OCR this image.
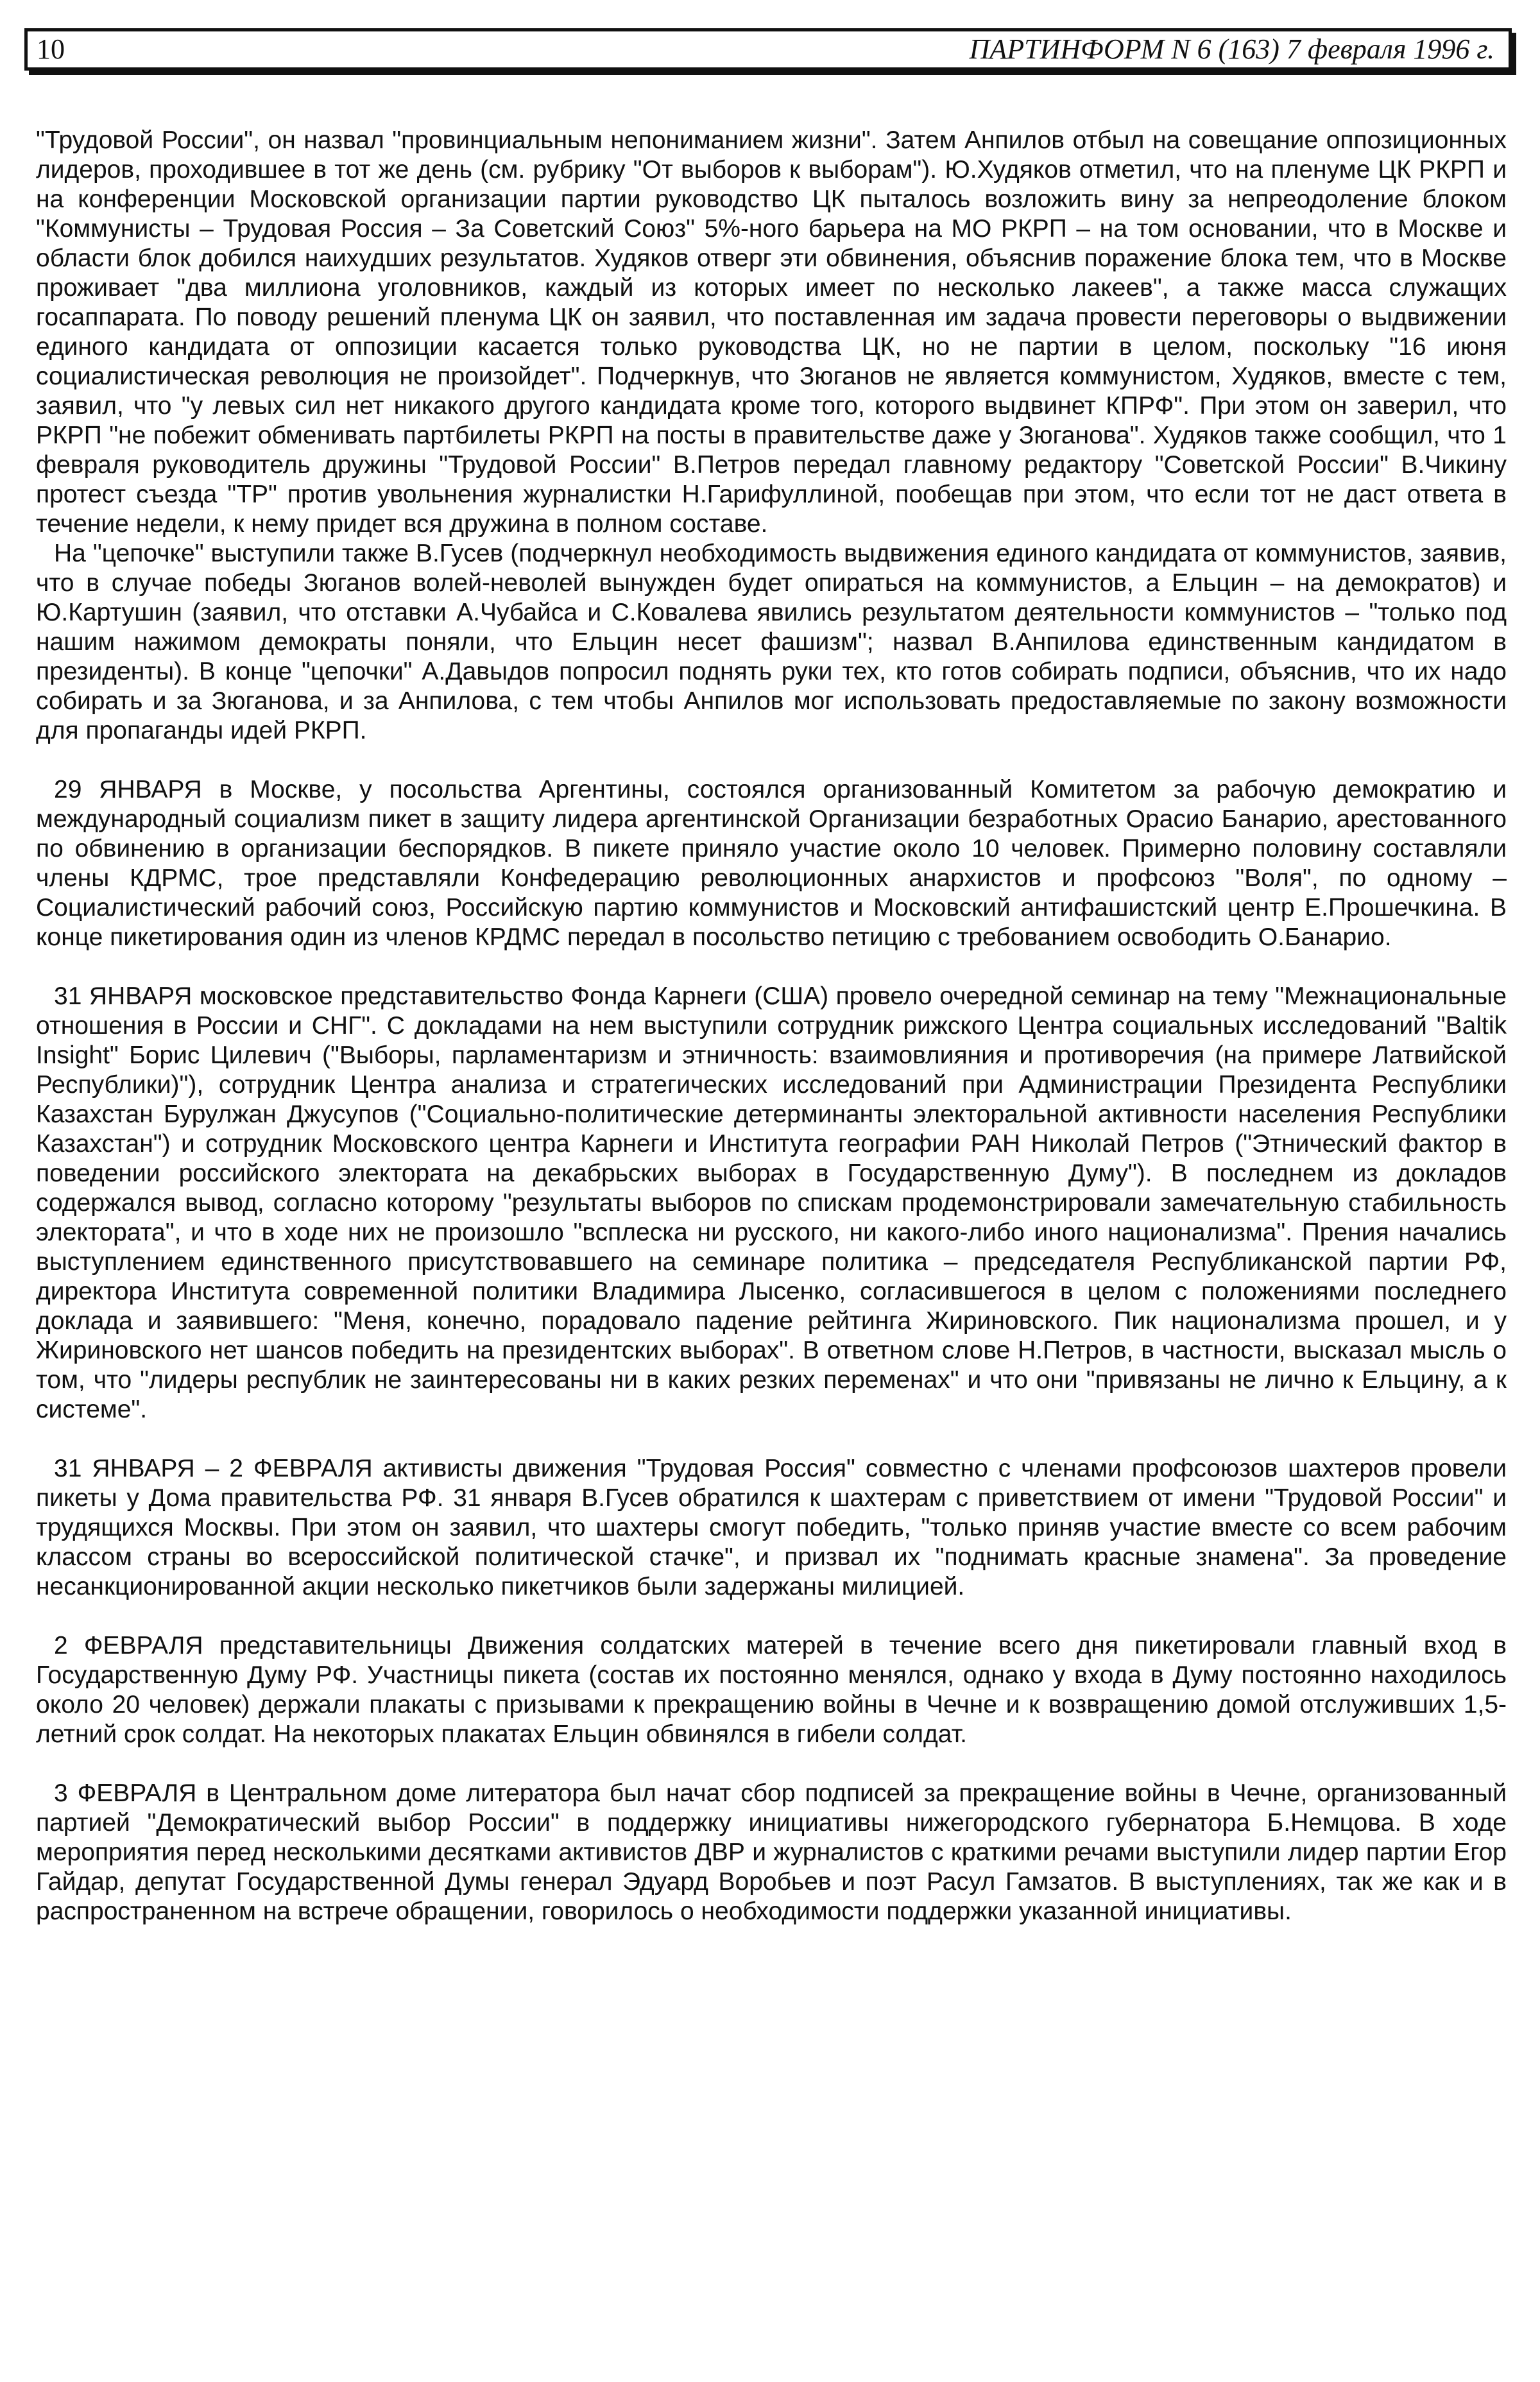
10	ПАРТИНФОРМ N 6 (163) 7 февраля 1996 г.

"Трудовой России", он назвал "провинциальным непониманием жизни". Затем Анпилов отбыл на совещание оппозиционных лидеров, проходившее в тот же день (см. рубрику "От выборов к выборам"). Ю.Худяков отметил, что на пленуме ЦК РКРП и на конференции Московской организации партии руководство ЦК пыталось возложить вину за непреодоление блоком "Коммунисты – Трудовая Россия – За Советский Союз" 5%-ного барьера на МО РКРП – на том основании, что в Москве и области блок добился наихудших результатов. Худяков отверг эти обвинения, объяснив поражение блока тем, что в Москве проживает "два миллиона уголовников, каждый из которых имеет по несколько лакеев", а также масса служащих госаппарата. По поводу решений пленума ЦК он заявил, что поставленная им задача провести переговоры о выдвижении единого кандидата от оппозиции касается только руководства ЦК, но не партии в целом, поскольку "16 июня социалистическая революция не произойдет". Подчеркнув, что Зюганов не является коммунистом, Худяков, вместе с тем, заявил, что "у левых сил нет никакого другого кандидата кроме того, которого выдвинет КПРФ". При этом он заверил, что РКРП "не побежит обменивать партбилеты РКРП на посты в правительстве даже у Зюганова". Худяков также сообщил, что 1 февраля руководитель дружины "Трудовой России" В.Петров передал главному редактору "Советской России" В.Чикину протест съезда "ТР" против увольнения журналистки Н.Гарифуллиной, пообещав при этом, что если тот не даст ответа в течение недели, к нему придет вся дружина в полном составе.

На "цепочке" выступили также В.Гусев (подчеркнул необходимость выдвижения единого кандидата от коммунистов, заявив, что в случае победы Зюганов волей-неволей вынужден будет опираться на коммунистов, а Ельцин – на демократов) и Ю.Картушин (заявил, что отставки А.Чубайса и С.Ковалева явились результатом деятельности коммунистов – "только под нашим нажимом демократы поняли, что Ельцин несет фашизм"; назвал В.Анпилова единственным кандидатом в президенты). В конце "цепочки" А.Давыдов попросил поднять руки тех, кто готов собирать подписи, объяснив, что их надо собирать и за Зюганова, и за Анпилова, с тем чтобы Анпилов мог использовать предоставляемые по закону возможности для пропаганды идей РКРП.

29 ЯНВАРЯ в Москве, у посольства Аргентины, состоялся организованный Комитетом за рабочую демократию и международный социализм пикет в защиту лидера аргентинской Организации безработных Орасио Банарио, арестованного по обвинению в организации беспорядков. В пикете приняло участие около 10 человек. Примерно половину составляли члены КДРМС, трое представляли Конфедерацию революционных анархистов и профсоюз "Воля", по одному – Социалистический рабочий союз, Российскую партию коммунистов и Московский антифашистский центр Е.Прошечкина. В конце пикетирования один из членов КРДМС передал в посольство петицию с требованием освободить О.Банарио.

31 ЯНВАРЯ московское представительство Фонда Карнеги (США) провело очередной семинар на тему "Межнациональные отношения в России и СНГ". С докладами на нем выступили сотрудник рижского Центра социальных исследований "Baltik Insight" Борис Цилевич ("Выборы, парламентаризм и этничность: взаимовлияния и противоречия (на примере Латвийской Республики)"), сотрудник Центра анализа и стратегических исследований при Администрации Президента Республики Казахстан Бурулжан Джусупов ("Социально-политические детерминанты электоральной активности населения Республики Казахстан") и сотрудник Московского центра Карнеги и Института географии РАН Николай Петров ("Этнический фактор в поведении российского электората на декабрьских выборах в Государственную Думу"). В последнем из докладов содержался вывод, согласно которому "результаты выборов по спискам продемонстрировали замечательную стабильность электората", и что в ходе них не произошло "всплеска ни русского, ни какого-либо иного национализма". Прения начались выступлением единственного присутствовавшего на семинаре политика – председателя Республиканской партии РФ, директора Института современной политики Владимира Лысенко, согласившегося в целом с положениями последнего доклада и заявившего: "Меня, конечно, порадовало падение рейтинга Жириновского. Пик национализма прошел, и у Жириновского нет шансов победить на президентских выборах". В ответном слове Н.Петров, в частности, высказал мысль о том, что "лидеры республик не заинтересованы ни в каких резких переменах" и что они "привязаны не лично к Ельцину, а к системе".

31 ЯНВАРЯ – 2 ФЕВРАЛЯ активисты движения "Трудовая Россия" совместно с членами профсоюзов шахтеров провели пикеты у Дома правительства РФ. 31 января В.Гусев обратился к шахтерам с приветствием от имени "Трудовой России" и трудящихся Москвы. При этом он заявил, что шахтеры смогут победить, "только приняв участие вместе со всем рабочим классом страны во всероссийской политической стачке", и призвал их "поднимать красные знамена". За проведение несанкционированной акции несколько пикетчиков были задержаны милицией.

2 ФЕВРАЛЯ представительницы Движения солдатских матерей в течение всего дня пикетировали главный вход в Государственную Думу РФ. Участницы пикета (состав их постоянно менялся, однако у входа в Думу постоянно находилось около 20 человек) держали плакаты с призывами к прекращению войны в Чечне и к возвращению домой отслуживших 1,5-летний срок солдат. На некоторых плакатах Ельцин обвинялся в гибели солдат.

3 ФЕВРАЛЯ в Центральном доме литератора был начат сбор подписей за прекращение войны в Чечне, организованный партией "Демократический выбор России" в поддержку инициативы нижегородского губернатора Б.Немцова. В ходе мероприятия перед несколькими десятками активистов ДВР и журналистов с краткими речами выступили лидер партии Егор Гайдар, депутат Государственной Думы генерал Эдуард Воробьев и поэт Расул Гамзатов. В выступлениях, так же как и в распространенном на встрече обращении, говорилось о необходимости поддержки указанной инициативы.
